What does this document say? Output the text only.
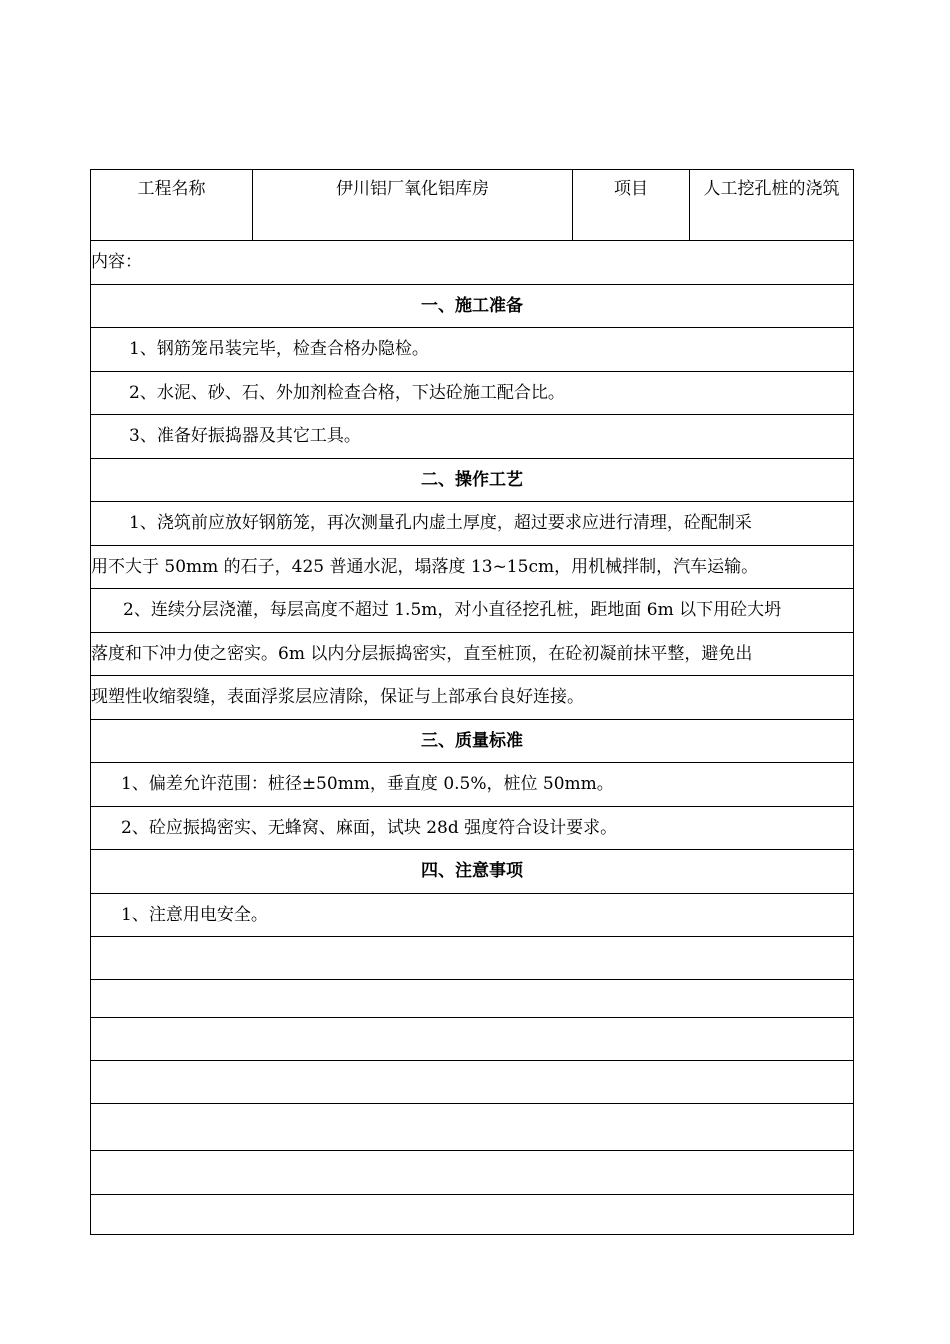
工程名称	伊川铝厂氧化铝库房	项目	人工挖孔桩的浇筑
内容：
一、施工准备
1、钢筋笼吊装完毕，检查合格办隐检。
2、水泥、砂、石、外加剂检查合格，下达砼施工配合比。
3、准备好振捣器及其它工具。
二、操作工艺
1、浇筑前应放好钢筋笼，再次测量孔内虚土厚度，超过要求应进行清理，砼配制采
用不大于 50mm 的石子，425 普通水泥，塌落度 13~15cm，用机械拌制，汽车运输。
2、连续分层浇灌，每层高度不超过 1.5m，对小直径挖孔桩，距地面 6m 以下用砼大坍
落度和下冲力使之密实。6m 以内分层振捣密实，直至桩顶，在砼初凝前抹平整，避免出
现塑性收缩裂缝，表面浮浆层应清除，保证与上部承台良好连接。
三、质量标准
1、偏差允许范围：桩径±50mm，垂直度 0.5%，桩位 50mm。
2、砼应振捣密实、无蜂窝、麻面，试块 28d 强度符合设计要求。
四、注意事项
1、注意用电安全。
